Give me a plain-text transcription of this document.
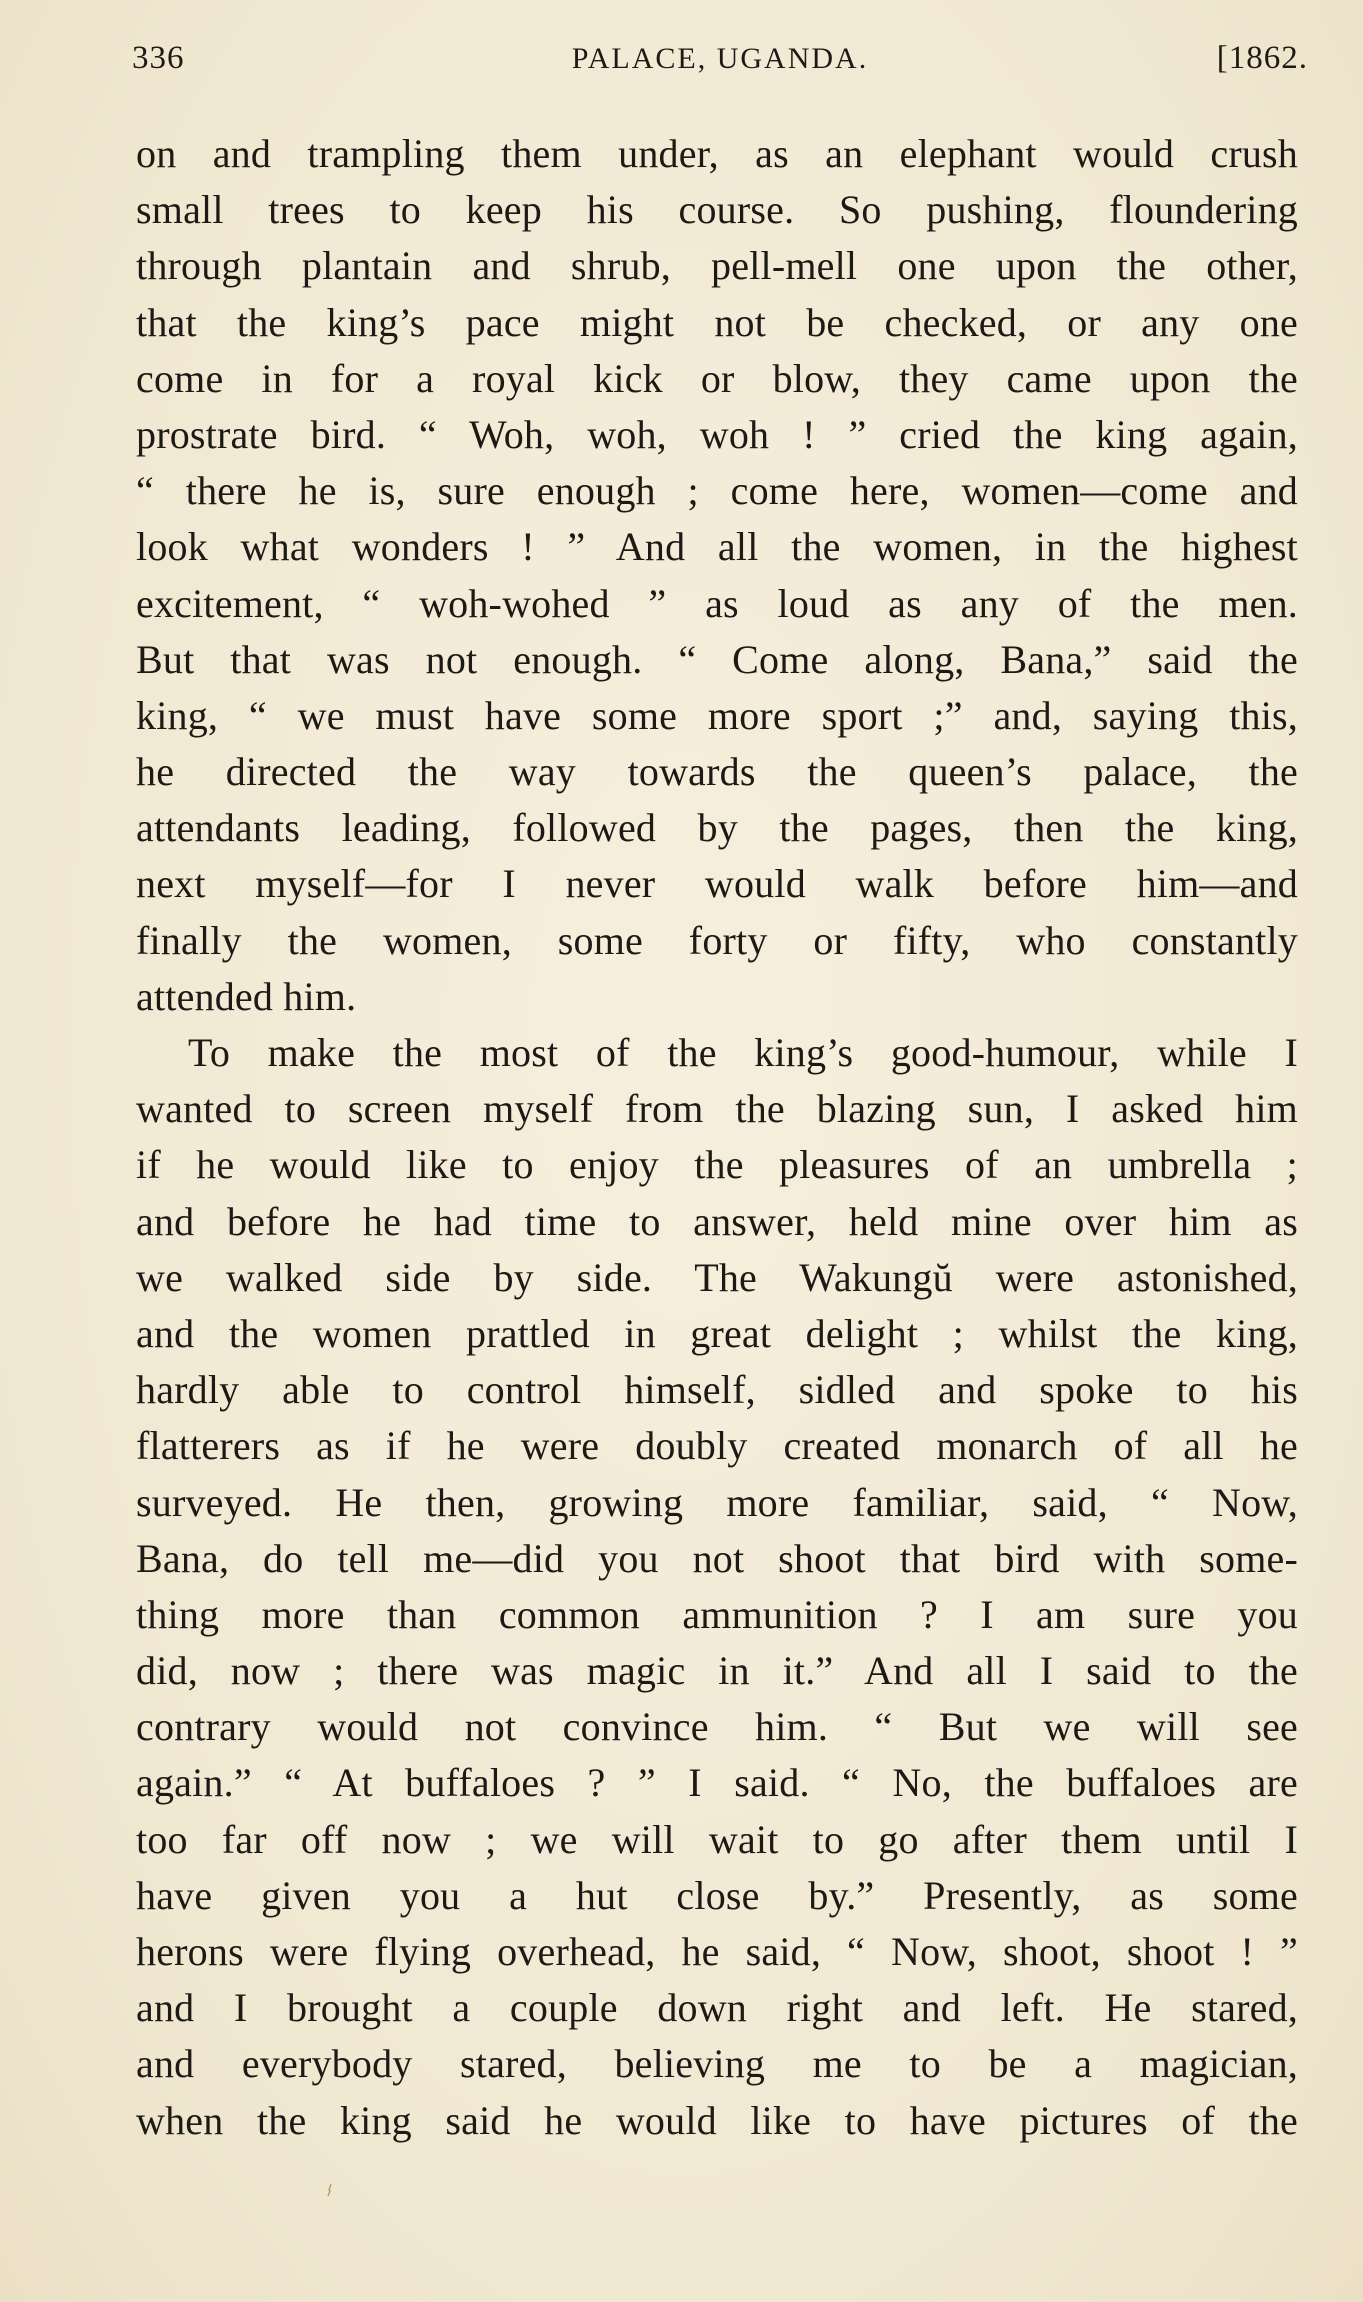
336	PALACE, UGANDA.	[1862.
on and trampling them under, as an elephant would crush
small trees to keep his course. So pushing, floundering
through plantain and shrub, pell-mell one upon the other,
that the king’s pace might not be checked, or any one
come in for a royal kick or blow, they came upon the
prostrate bird. “ Woh, woh, woh ! ” cried the king again,
“ there he is, sure enough ; come here, women—come and
look what wonders ! ” And all the women, in the highest
excitement, “ woh-wohed ” as loud as any of the men.
But that was not enough. “ Come along, Bana,” said the
king, “ we must have some more sport ;” and, saying this,
he directed the way towards the queen’s palace, the
attendants leading, followed by the pages, then the king,
next myself—for I never would walk before him—and
finally the women, some forty or fifty, who constantly
attended him.
To make the most of the king’s good-humour, while I
wanted to screen myself from the blazing sun, I asked him
if he would like to enjoy the pleasures of an umbrella ;
and before he had time to answer, held mine over him as
we walked side by side. The Wakungŭ were astonished,
and the women prattled in great delight ; whilst the king,
hardly able to control himself, sidled and spoke to his
flatterers as if he were doubly created monarch of all he
surveyed. He then, growing more familiar, said, “ Now,
Bana, do tell me—did you not shoot that bird with some-
thing more than common ammunition ? I am sure you
did, now ; there was magic in it.” And all I said to the
contrary would not convince him. “ But we will see
again.” “ At buffaloes ? ” I said. “ No, the buffaloes are
too far off now ; we will wait to go after them until I
have given you a hut close by.” Presently, as some
herons were flying overhead, he said, “ Now, shoot, shoot ! ”
and I brought a couple down right and left. He stared,
and everybody stared, believing me to be a magician,
when the king said he would like to have pictures of the
